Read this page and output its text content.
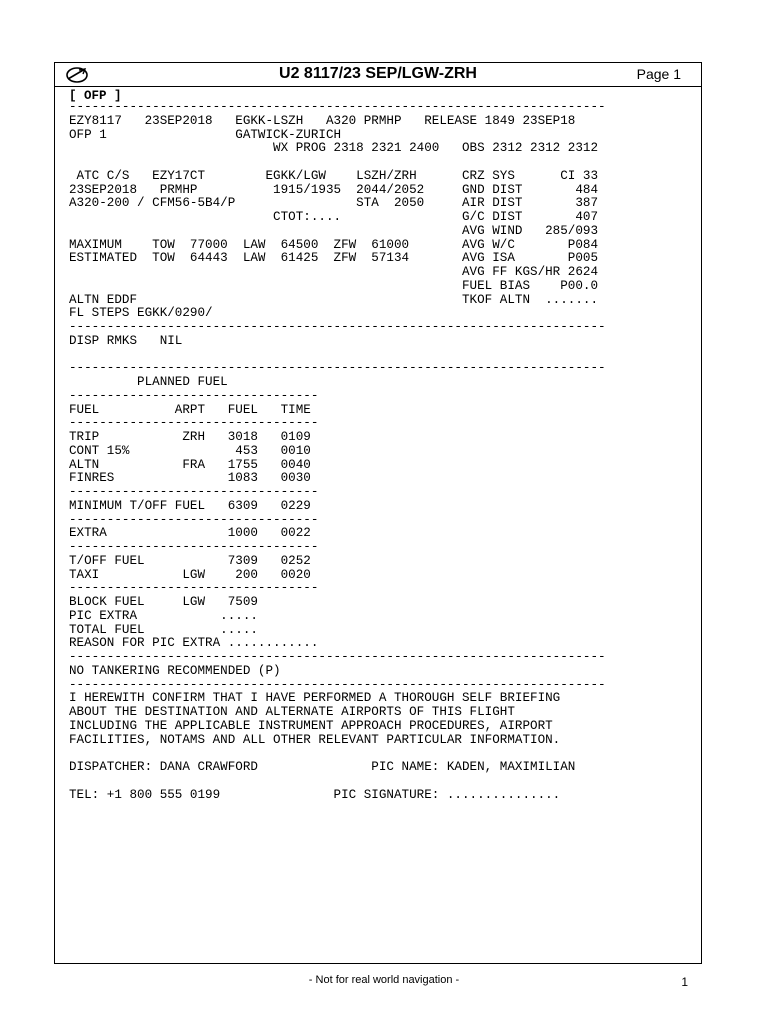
U2 8117/23 SEP/LGW-ZRH	Page 1
[ OFP ]
-----------------------------------------------------------------------
EZY8117   23SEP2018   EGKK-LSZH   A320 PRMHP   RELEASE 1849 23SEP18
OFP 1                 GATWICK-ZURICH
WX PROG 2318 2321 2400   OBS 2312 2312 2312

ATC C/S   EZY17CT        EGKK/LGW    LSZH/ZRH      CRZ SYS      CI 33
23SEP2018   PRMHP          1915/1935  2044/2052     GND DIST       484
A320-200 / CFM56-5B4/P                STA  2050     AIR DIST       387
CTOT:....                G/C DIST       407
AVG WIND   285/093
MAXIMUM    TOW  77000  LAW  64500  ZFW  61000       AVG W/C       P084
ESTIMATED  TOW  64443  LAW  61425  ZFW  57134       AVG ISA       P005
AVG FF KGS/HR 2624
FUEL BIAS    P00.0
ALTN EDDF                                           TKOF ALTN  .......
FL STEPS EGKK/0290/
-----------------------------------------------------------------------
DISP RMKS   NIL

-----------------------------------------------------------------------
PLANNED FUEL
---------------------------------
FUEL          ARPT   FUEL   TIME
---------------------------------
TRIP           ZRH   3018   0109
CONT 15%              453   0010
ALTN           FRA   1755   0040
FINRES               1083   0030
---------------------------------
MINIMUM T/OFF FUEL   6309   0229
---------------------------------
EXTRA                1000   0022
---------------------------------
T/OFF FUEL           7309   0252
TAXI           LGW    200   0020
---------------------------------
BLOCK FUEL     LGW   7509
PIC EXTRA           .....
TOTAL FUEL          .....
REASON FOR PIC EXTRA ............
-----------------------------------------------------------------------
NO TANKERING RECOMMENDED (P)
-----------------------------------------------------------------------
I HEREWITH CONFIRM THAT I HAVE PERFORMED A THOROUGH SELF BRIEFING
ABOUT THE DESTINATION AND ALTERNATE AIRPORTS OF THIS FLIGHT
INCLUDING THE APPLICABLE INSTRUMENT APPROACH PROCEDURES, AIRPORT
FACILITIES, NOTAMS AND ALL OTHER RELEVANT PARTICULAR INFORMATION.

DISPATCHER: DANA CRAWFORD               PIC NAME: KADEN, MAXIMILIAN

TEL: +1 800 555 0199               PIC SIGNATURE: ...............

- Not for real world navigation -	1
